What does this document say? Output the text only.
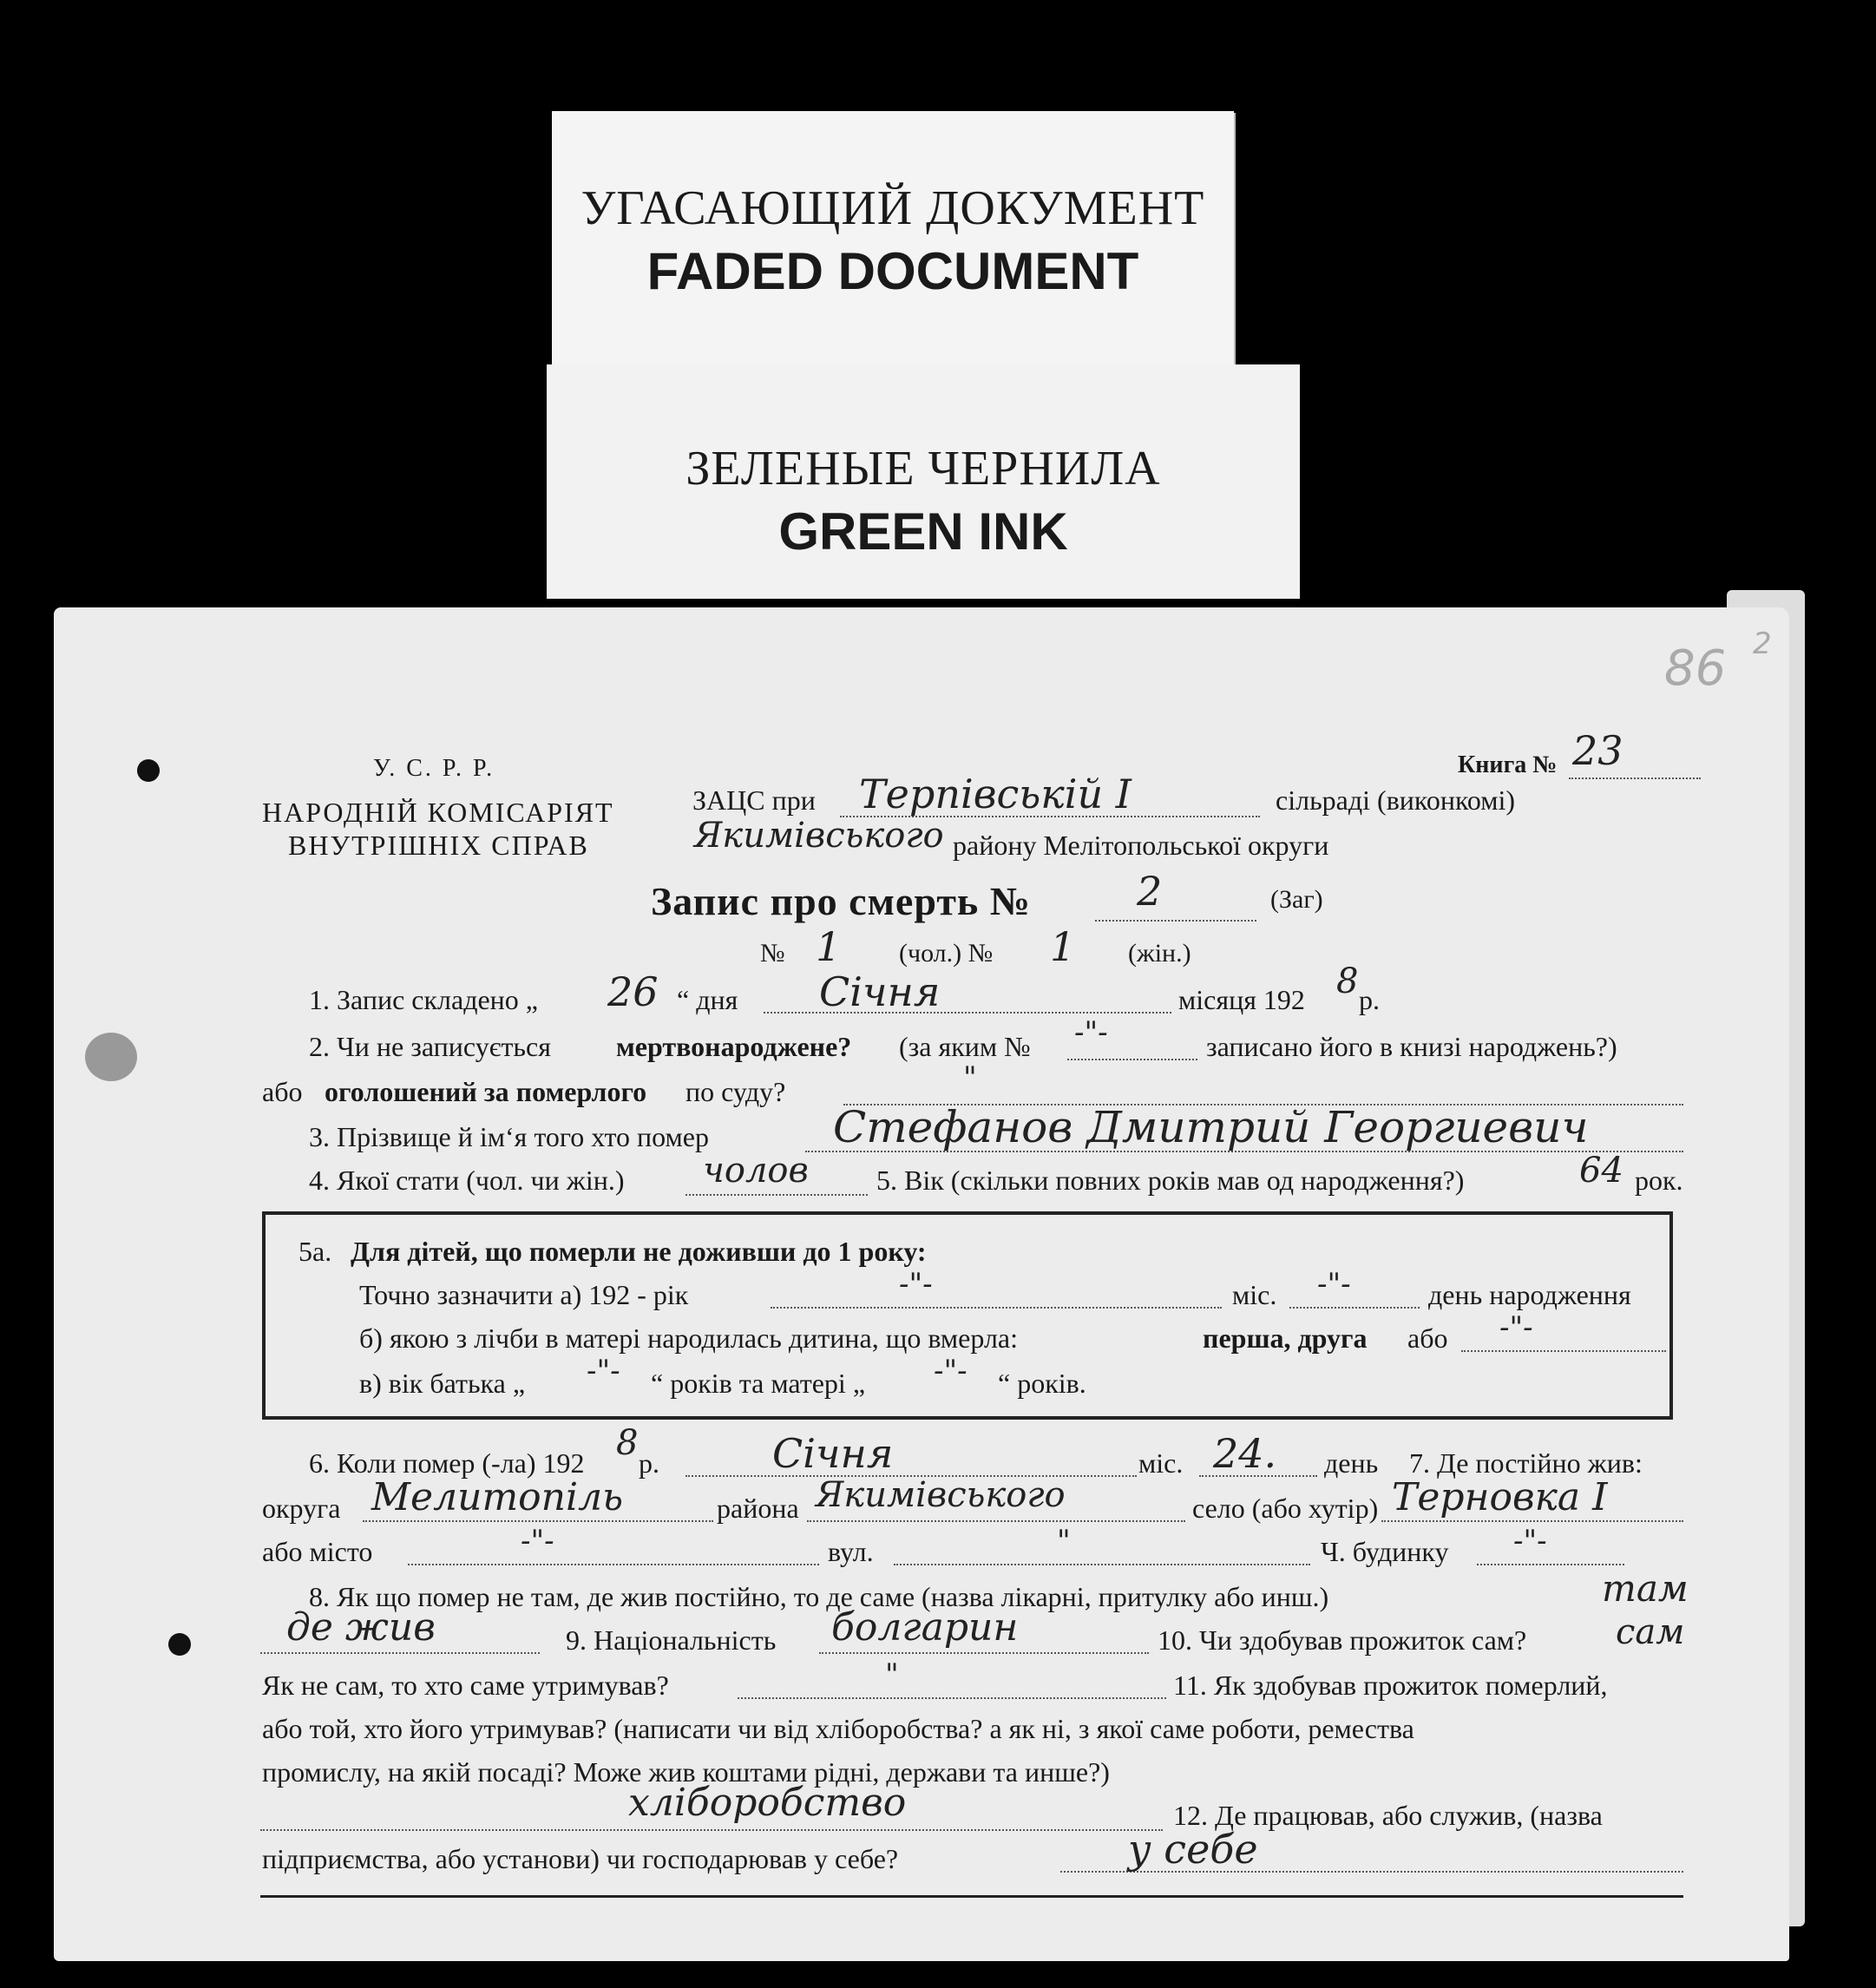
УГАСАЮЩИЙ ДОКУМЕНТ
FADED DOCUMENT
ЗЕЛЕНЫЕ ЧЕРНИЛА
GREEN INK
86 2
У. С. Р. Р.
НАРОДНІЙ КОМІСАРІЯТ
ВНУТРІШНІХ СПРАВ
Книга № 23
ЗАЦС при Терпівській I	сільраді (виконкомі)
Якимівського району Мелітопольської округи
Запис про смерть №	2	(Заг)
№ 1 (чол.) № 1 (жін.)
1. Запис складено „ 26 “ дня Січня	місяця 192 8 р.
2. Чи не записується мертвонароджене? (за яким № -"-	записано його в книзі народжень?)
або оголошений за померлого по суду?	"
3. Прізвище й ім‘я того хто помер	Стефанов Дмитрий Георгиевич
4. Якої стати (чол. чи жін.) чолов 5. Вік (скільки повних років мав од народження?)	64 рок.
5а. Для дітей, що померли не доживши до 1 року:
Точно зазначити а) 192 - рік	-"-	міс. -"-	день народження
б) якою з лічби в матері народилась дитина, що вмерла:	перша, друга або -"-
в) вік батька „ -"- “ років та матері „ -"- “ років.
6. Коли помер (-ла) 192 8 р.	Січня	міс. 24. день 7. Де постійно жив:
округа Мелитопіль	района Якимівського	село (або хутір) Терновка I
або місто	-"-	вул.	"	Ч. будинку -"-
8. Як що помер не там, де жив постійно, то де саме (назва лікарні, притулку або инш.)	там
де жив	9. Національність болгарин	10. Чи здобував прожиток сам?	сам
Як не сам, то хто саме утримував?	"	11. Як здобував прожиток померлий,
або той, хто його утримував? (написати чи від хліборобства? а як ні, з якої саме роботи, ремества
промислу, на якій посаді? Може жив коштами рідні, держави та инше?)
хліборобство	12. Де працював, або служив, (назва
підприємства, або установи) чи господарював у себе?	у себе
